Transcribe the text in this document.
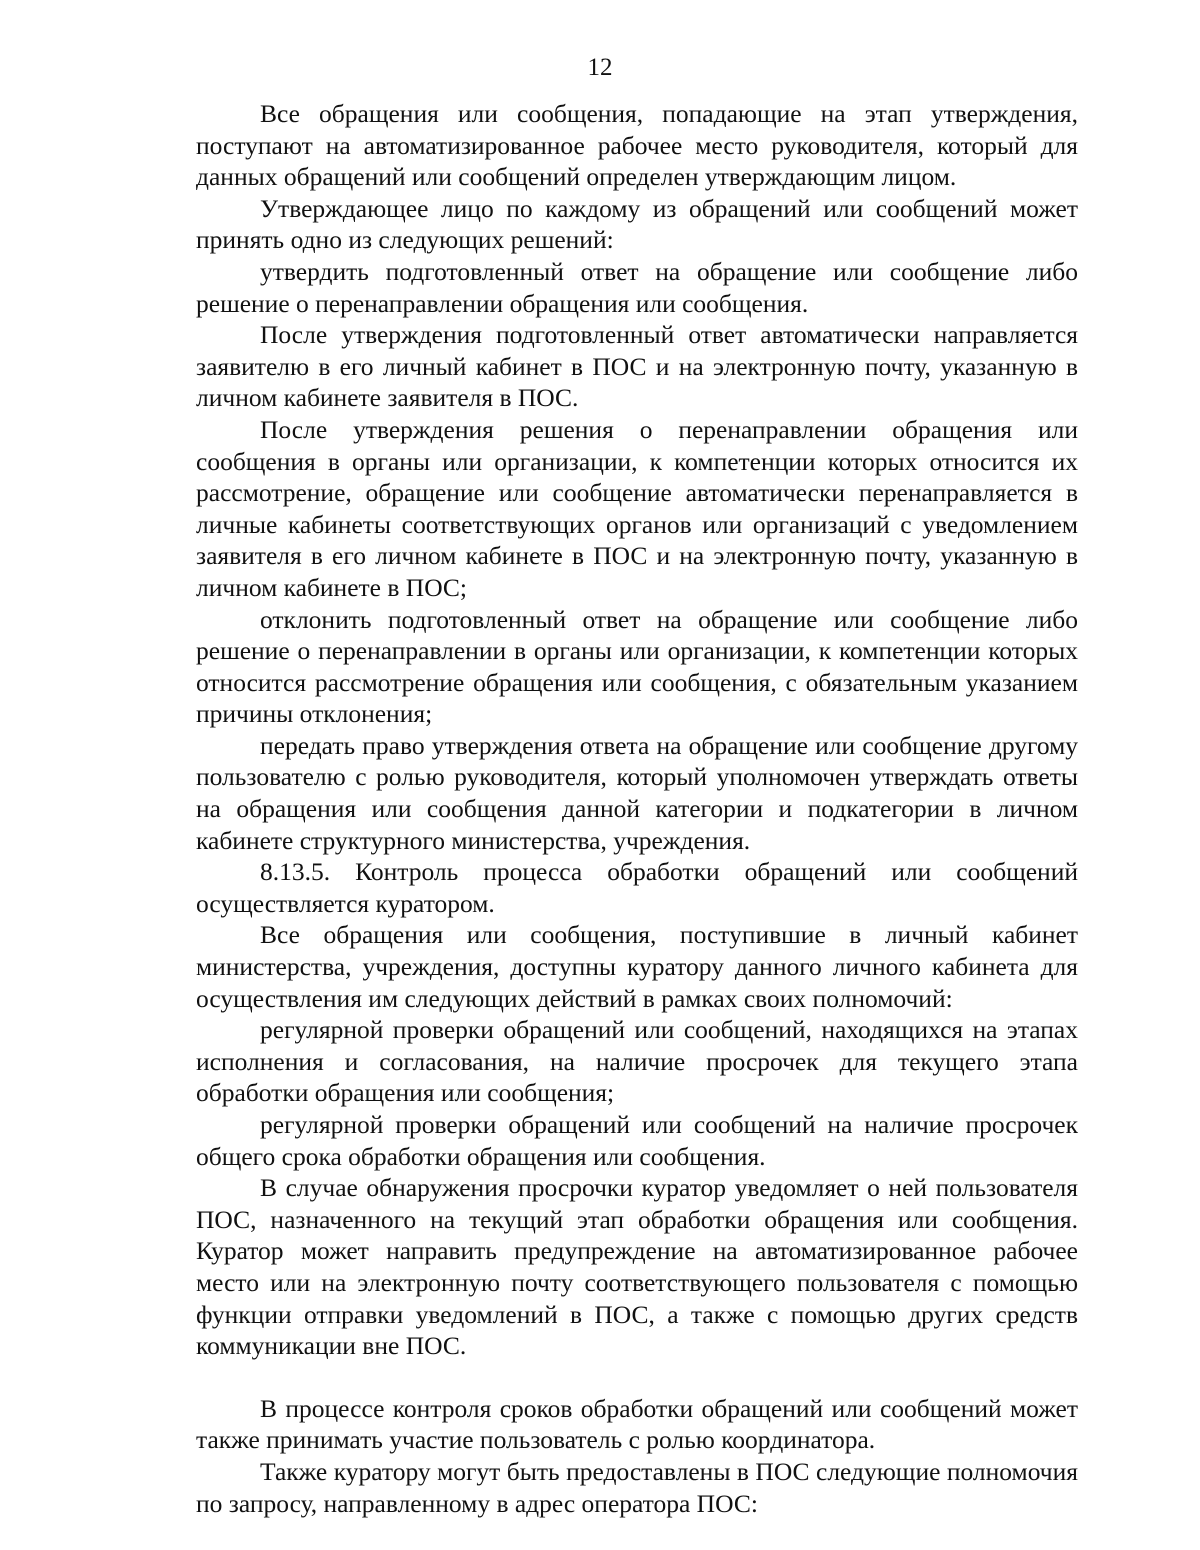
12

Все обращения или сообщения, попадающие на этап утверждения, поступают на автоматизированное рабочее место руководителя, который для данных обращений или сообщений определен утверждающим лицом.

Утверждающее лицо по каждому из обращений или сообщений может принять одно из следующих решений:

утвердить подготовленный ответ на обращение или сообщение либо решение о перенаправлении обращения или сообщения.

После утверждения подготовленный ответ автоматически направляется заявителю в его личный кабинет в ПОС и на электронную почту, указанную в личном кабинете заявителя в ПОС.

После утверждения решения о перенаправлении обращения или сообщения в органы или организации, к компетенции которых относится их рассмотрение, обращение или сообщение автоматически перенаправляется в личные кабинеты соответствующих органов или организаций с уведомлением заявителя в его личном кабинете в ПОС и на электронную почту, указанную в личном кабинете в ПОС;

отклонить подготовленный ответ на обращение или сообщение либо решение о перенаправлении в органы или организации, к компетенции которых относится рассмотрение обращения или сообщения, с обязательным указанием причины отклонения;

передать право утверждения ответа на обращение или сообщение другому пользователю с ролью руководителя, который уполномочен утверждать ответы на обращения или сообщения данной категории и подкатегории в личном кабинете структурного министерства, учреждения.

8.13.5. Контроль процесса обработки обращений или сообщений осуществляется куратором.

Все обращения или сообщения, поступившие в личный кабинет министерства, учреждения, доступны куратору данного личного кабинета для осуществления им следующих действий в рамках своих полномочий:

регулярной проверки обращений или сообщений, находящихся на этапах исполнения и согласования, на наличие просрочек для текущего этапа обработки обращения или сообщения;

регулярной проверки обращений или сообщений на наличие просрочек общего срока обработки обращения или сообщения.

В случае обнаружения просрочки куратор уведомляет о ней пользователя ПОС, назначенного на текущий этап обработки обращения или сообщения. Куратор может направить предупреждение на автоматизированное рабочее место или на электронную почту соответствующего пользователя с помощью функции отправки уведомлений в ПОС, а также с помощью других средств коммуникации вне ПОС.

В процессе контроля сроков обработки обращений или сообщений может также принимать участие пользователь с ролью координатора.

Также куратору могут быть предоставлены в ПОС следующие полномочия по запросу, направленному в адрес оператора ПОС:
